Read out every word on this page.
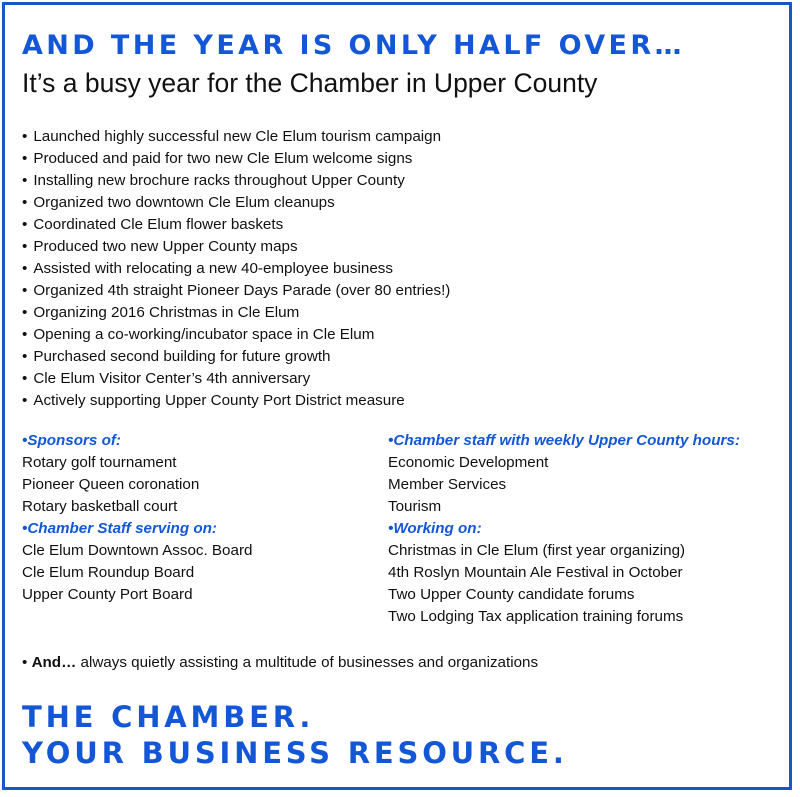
AND THE YEAR IS ONLY HALF OVER…
It’s a busy year for the Chamber in Upper County
• Launched highly successful new Cle Elum tourism campaign
• Produced and paid for two new Cle Elum welcome signs
• Installing new brochure racks throughout Upper County
• Organized two downtown Cle Elum cleanups
• Coordinated Cle Elum flower baskets
• Produced two new Upper County maps
• Assisted with relocating a new 40-employee business
• Organized 4th straight Pioneer Days Parade (over 80 entries!)
• Organizing 2016 Christmas in Cle Elum
• Opening a co-working/incubator space in Cle Elum
• Purchased second building for future growth
• Cle Elum Visitor Center’s 4th anniversary
• Actively supporting Upper County Port District measure
• Sponsors of:
Rotary golf tournament
Pioneer Queen coronation
Rotary basketball court
• Chamber Staff serving on:
Cle Elum Downtown Assoc. Board
Cle Elum Roundup Board
Upper County Port Board
• Chamber staff with weekly Upper County hours:
Economic Development
Member Services
Tourism
• Working on:
Christmas in Cle Elum (first year organizing)
4th Roslyn Mountain Ale Festival in October
Two Upper County candidate forums
Two Lodging Tax application training forums
• And… always quietly assisting a multitude of businesses and organizations
THE CHAMBER.
YOUR BUSINESS RESOURCE.
